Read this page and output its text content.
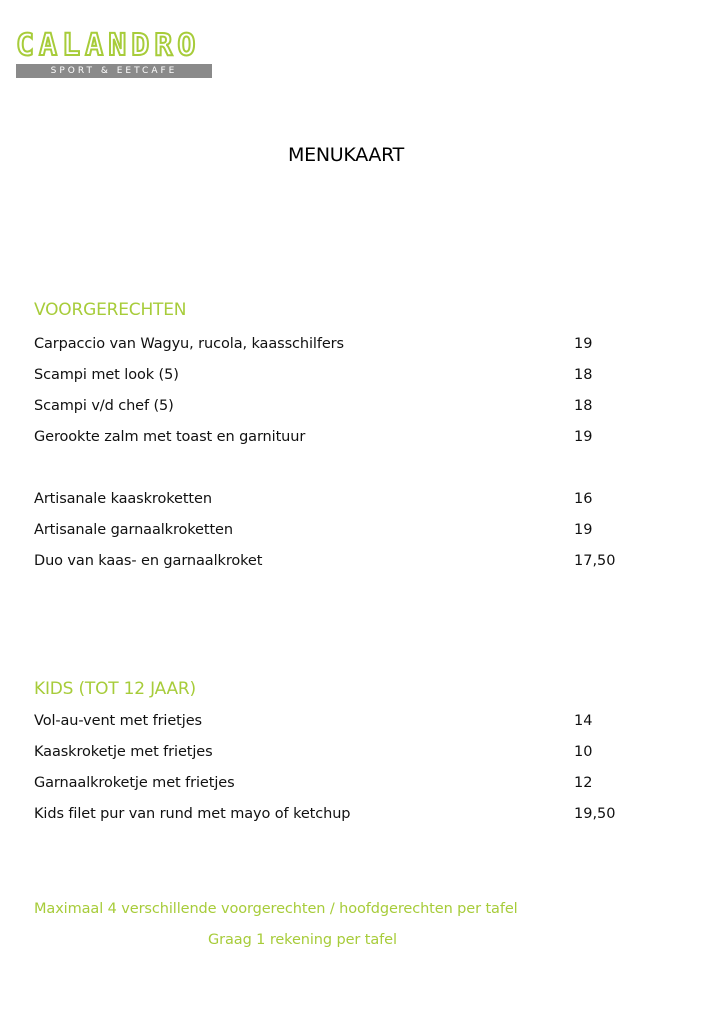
CALANDRO
SPORT & EETCAFE
MENUKAART
VOORGERECHTEN
Carpaccio van Wagyu, rucola, kaasschilfers	19
Scampi met look (5)	18
Scampi v/d chef (5)	18
Gerookte zalm met toast en garnituur	19
Artisanale kaaskroketten	16
Artisanale garnaalkroketten	19
Duo van kaas- en garnaalkroket	17,50
KIDS (TOT 12 JAAR)
Vol-au-vent met frietjes	14
Kaaskroketje met frietjes	10
Garnaalkroketje met frietjes	12
Kids filet pur van rund met mayo of ketchup	19,50
Maximaal 4 verschillende voorgerechten / hoofdgerechten per tafel
Graag 1 rekening per tafel
